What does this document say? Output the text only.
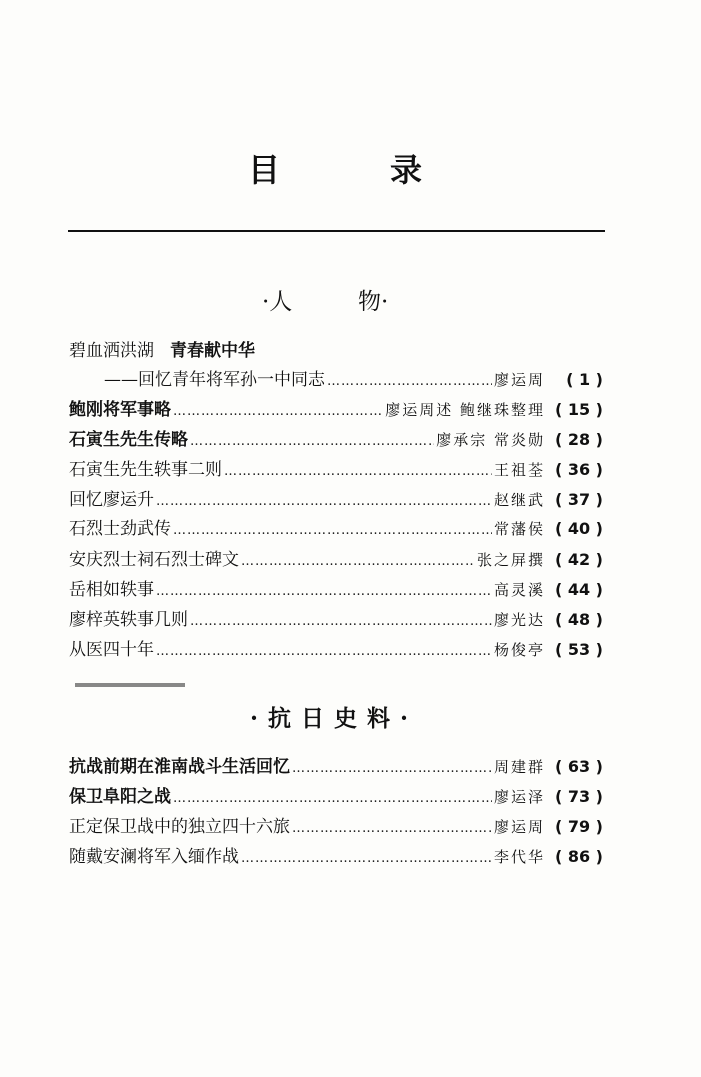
目	录
·人	物·
碧血洒洪湖 青春献中华
——回忆青年将军孙一中同志 ………………………………………………………………………………………………………………………………	廖运周	( 1 )
鲍刚将军事略 ………………………………………………………………………………………………………………………………	廖运周述 鲍继珠整理	( 15 )
石寅生先生传略 ………………………………………………………………………………………………………………………………	廖承宗 常炎勋	( 28 )
石寅生先生轶事二则 ………………………………………………………………………………………………………………………………	王祖荃	( 36 )
回忆廖运升 ………………………………………………………………………………………………………………………………	赵继武	( 37 )
石烈士劲武传 ………………………………………………………………………………………………………………………………	常藩侯	( 40 )
安庆烈士祠石烈士碑文 ………………………………………………………………………………………………………………………………	张之屏撰	( 42 )
岳相如轶事 ………………………………………………………………………………………………………………………………	高灵溪	( 44 )
廖梓英轶事几则 ………………………………………………………………………………………………………………………………	廖光达	( 48 )
从医四十年 ………………………………………………………………………………………………………………………………	杨俊亭	( 53 )
·抗日史料·
抗战前期在淮南战斗生活回忆 ………………………………………………………………………………………………………………………………	周建群	( 63 )
保卫阜阳之战 ………………………………………………………………………………………………………………………………	廖运泽	( 73 )
正定保卫战中的独立四十六旅 ………………………………………………………………………………………………………………………………	廖运周	( 79 )
随戴安澜将军入缅作战 ………………………………………………………………………………………………………………………………	李代华	( 86 )
